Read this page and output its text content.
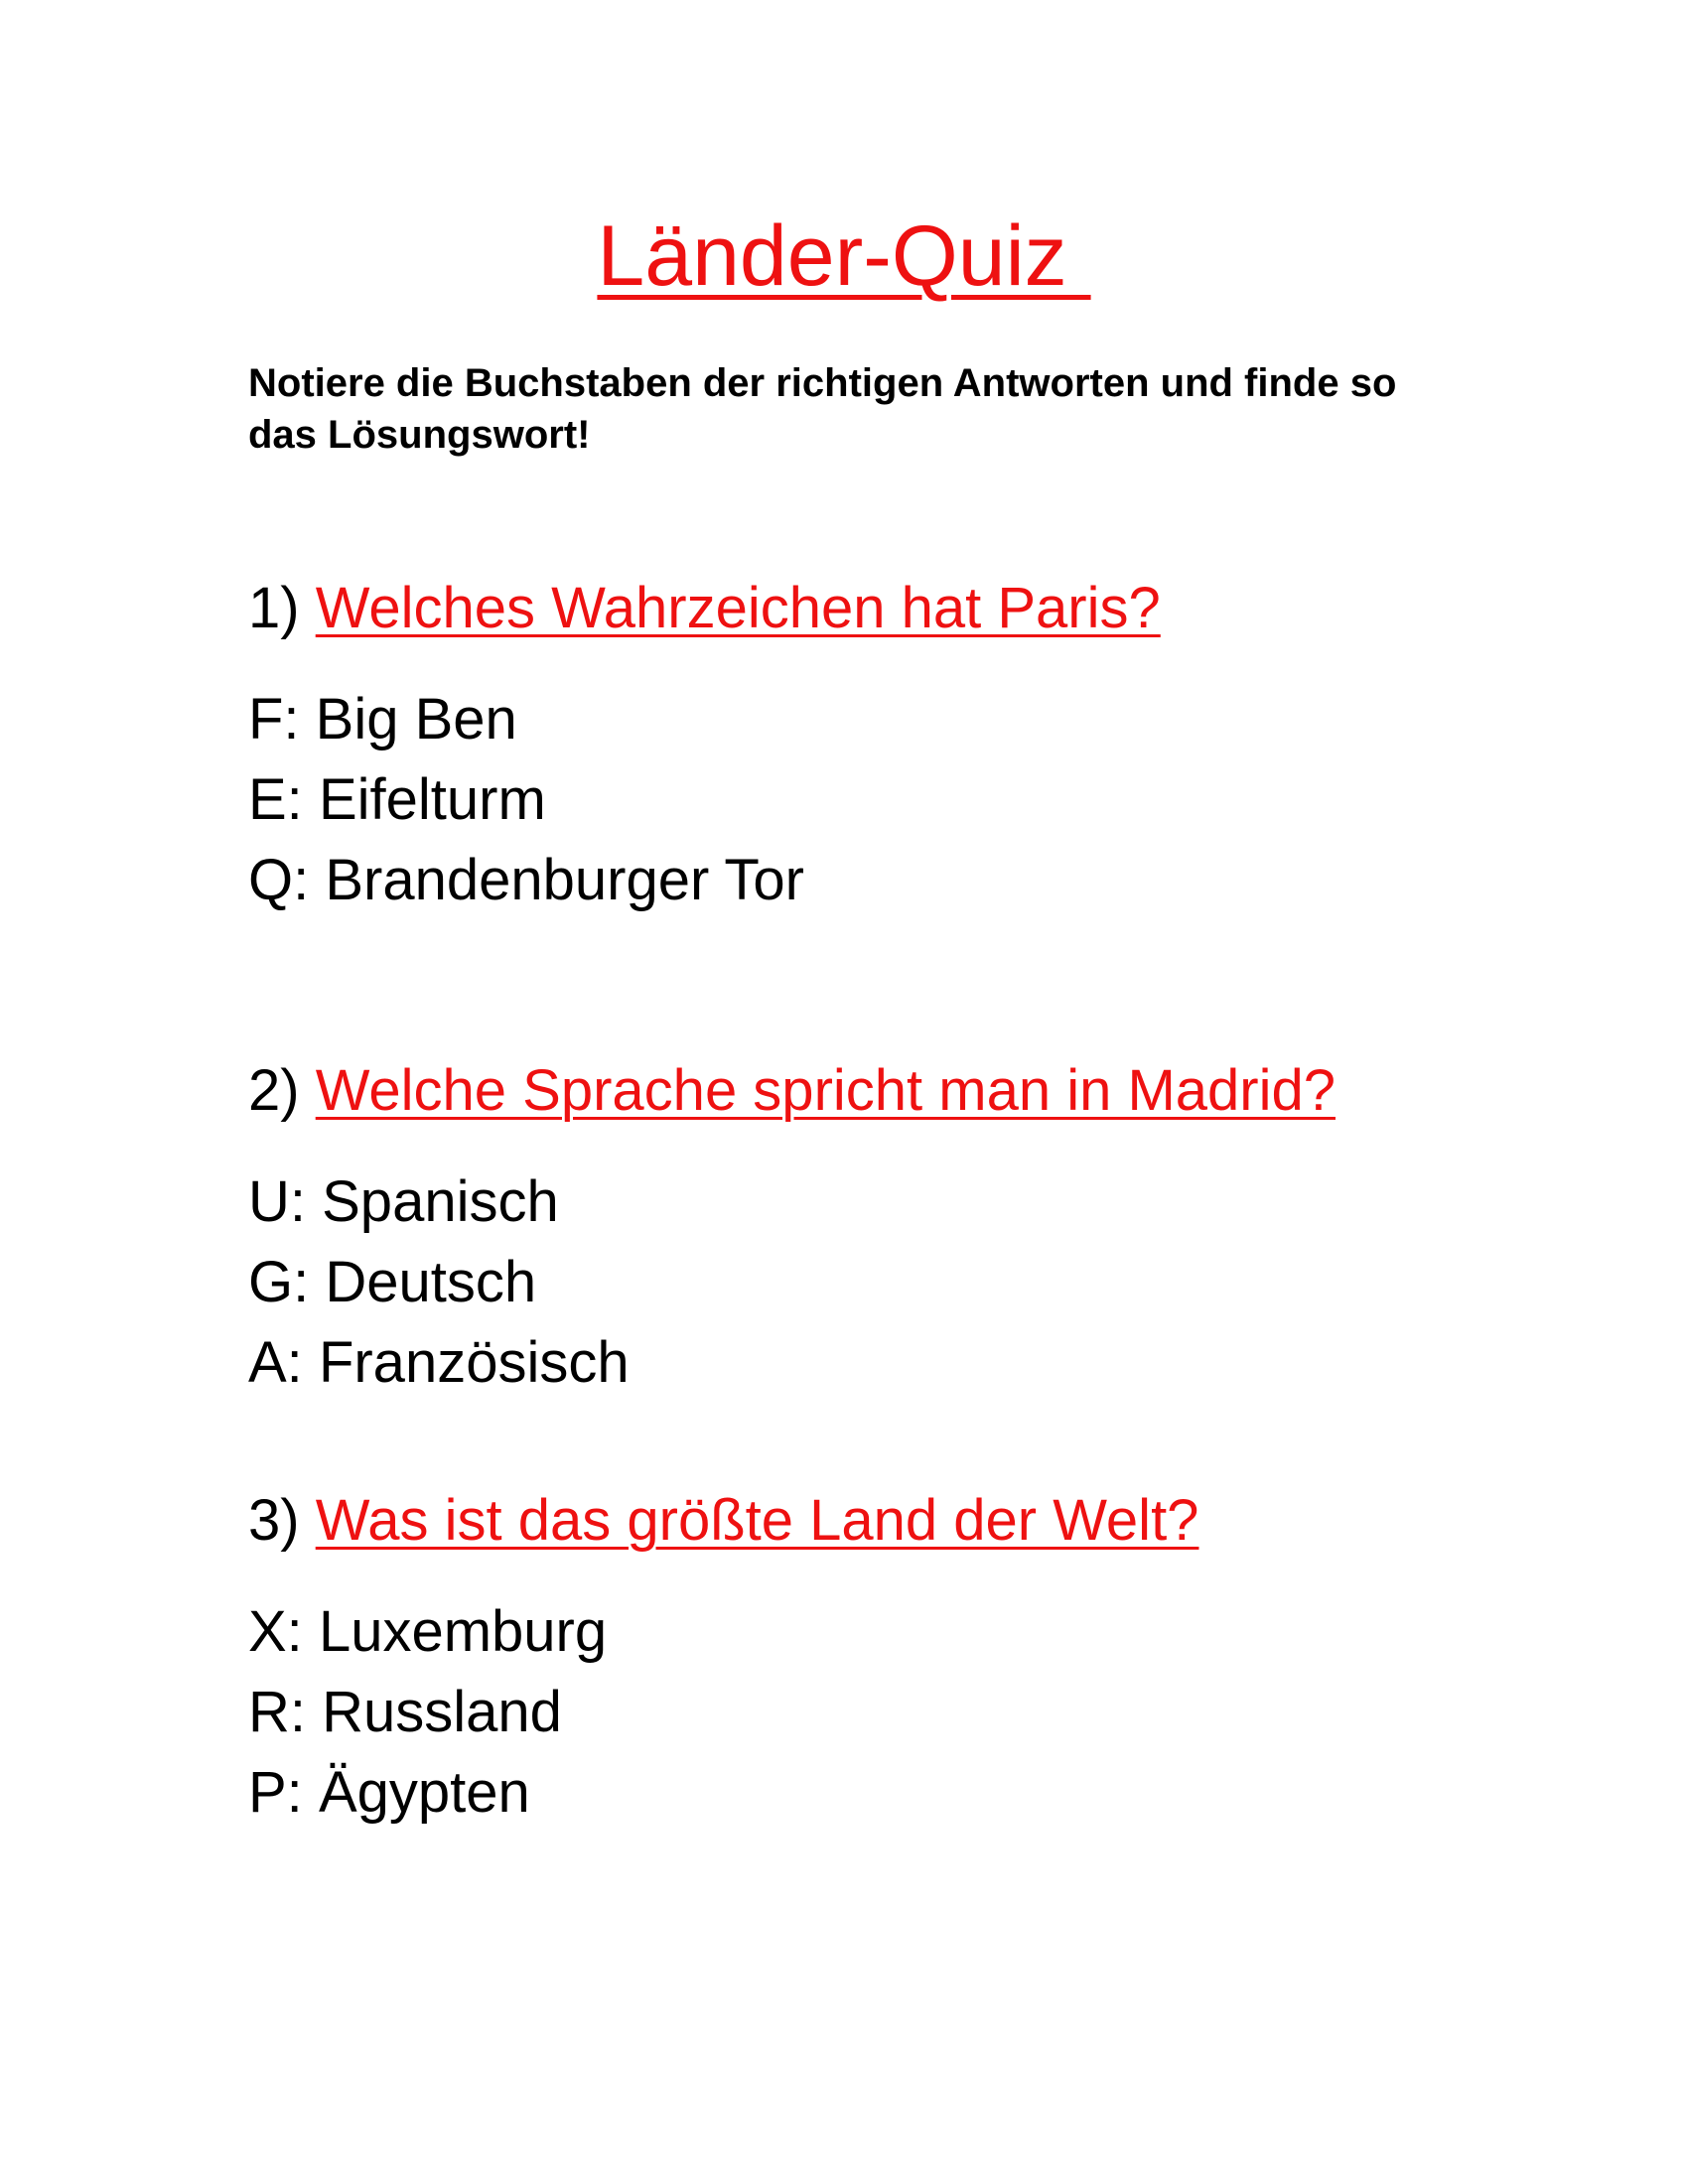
Länder-Quiz
Notiere die Buchstaben der richtigen Antworten und finde so das Lösungswort!
1) Welches Wahrzeichen hat Paris?
F: Big Ben
E: Eifelturm
Q: Brandenburger Tor
2) Welche Sprache spricht man in Madrid?
U: Spanisch
G: Deutsch
A: Französisch
3) Was ist das größte Land der Welt?
X: Luxemburg
R: Russland
P: Ägypten
